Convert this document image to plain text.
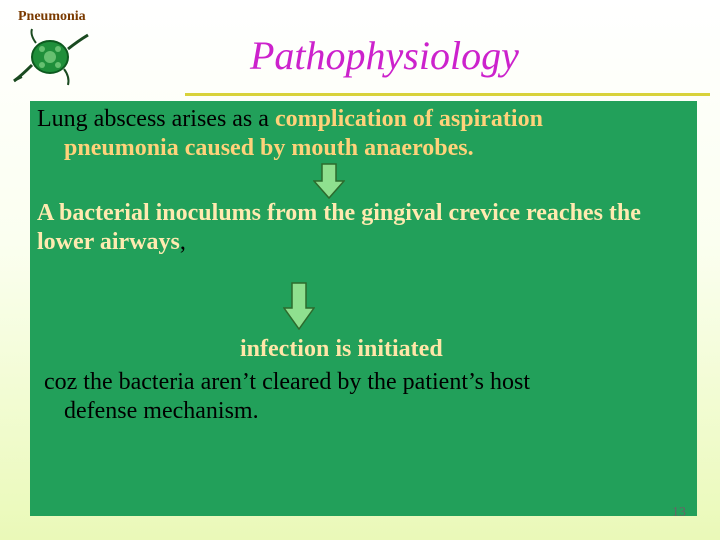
Pneumonia
Pathophysiology

Lung abscess arises as a complication of aspiration
pneumonia caused by mouth anaerobes.

A bacterial inoculums from the gingival crevice reaches the lower airways,

infection is initiated

coz the bacteria aren’t cleared by the patient’s host
defense mechanism.

13
